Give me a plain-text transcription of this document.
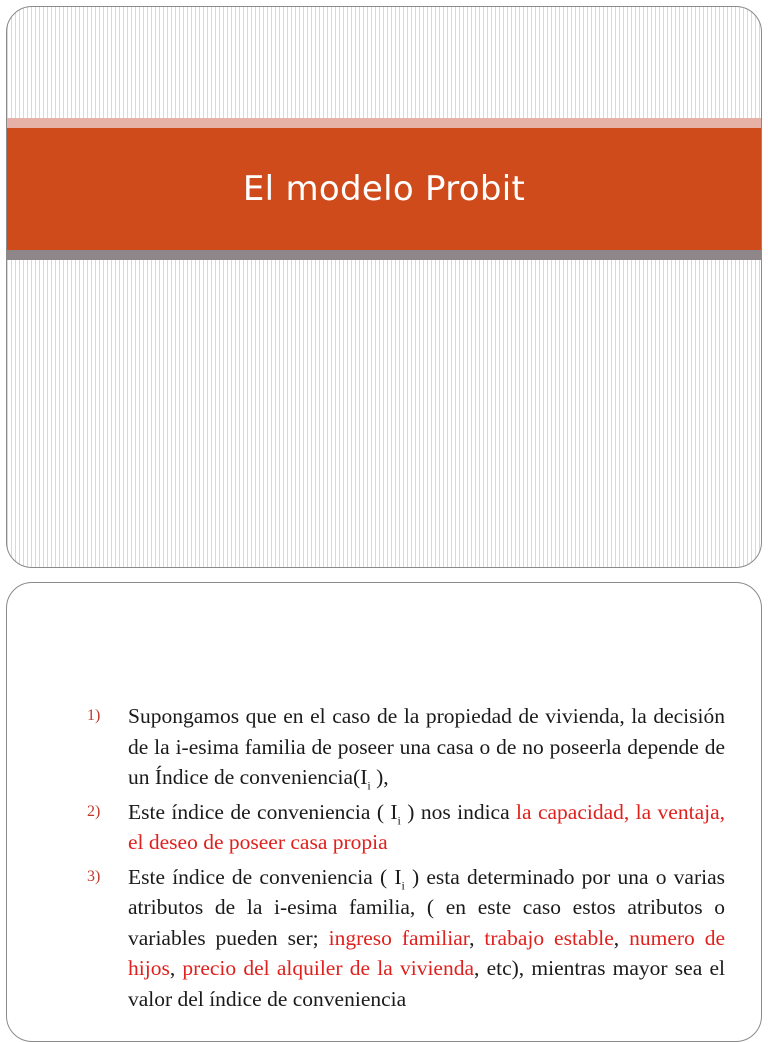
El modelo Probit
1) Supongamos que en el caso de la propiedad de vivienda, la decisión de la i-esima familia de poseer una casa o de no poseerla depende de un Índice de $conveniencia(I_i$ ),
2) Este índice de conveniencia ( $I_i$ ) nos indica la capacidad, la ventaja, el deseo de poseer casa propia
3) Este índice de conveniencia ( $I_i$ ) esta determinado por una o varias atributos de la i-esima familia, ( en este caso estos atributos o variables pueden ser; ingreso familiar, trabajo estable, numero de hijos, precio del alquiler de la vivienda, etc), mientras mayor sea el valor del índice de conveniencia
